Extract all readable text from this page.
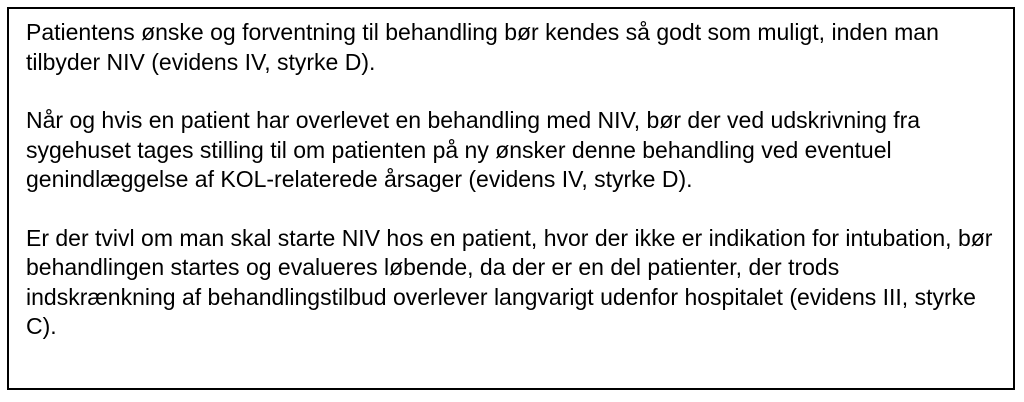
Patientens ønske og forventning til behandling bør kendes så godt som muligt, inden man tilbyder NIV (evidens IV, styrke D).

Når og hvis en patient har overlevet en behandling med NIV, bør der ved udskrivning fra sygehuset tages stilling til om patienten på ny ønsker denne behandling ved eventuel genindlæggelse af KOL-relaterede årsager (evidens IV, styrke D).

Er der tvivl om man skal starte NIV hos en patient, hvor der ikke er indikation for intubation, bør behandlingen startes og evalueres løbende, da der er en del patienter, der trods indskrænkning af behandlingstilbud overlever langvarigt udenfor hospitalet (evidens III, styrke C).
